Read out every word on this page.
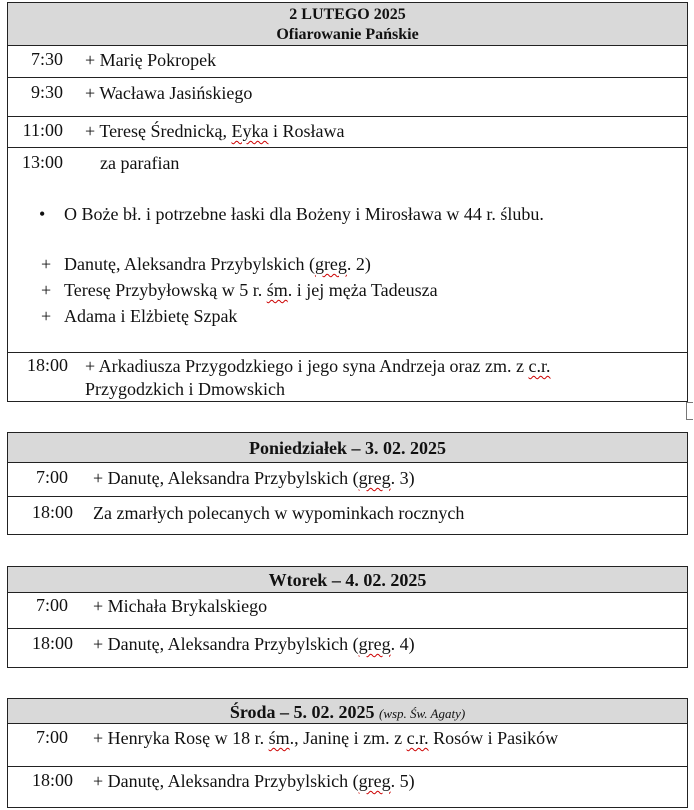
2 LUTEGO 2025
Ofiarowanie Pańskie
7:30 + Marię Pokropek
9:30 + Wacława Jasińskiego
11:00 + Teresę Średnicką, Eyka i Rosława
13:00 za parafian
• O Boże bł. i potrzebne łaski dla Bożeny i Mirosława w 44 r. ślubu.
+ Danutę, Aleksandra Przybylskich (greg. 2)
+ Teresę Przybyłowską w 5 r. śm. i jej męża Tadeusza
+ Adama i Elżbietę Szpak
18:00 + Arkadiusza Przygodzkiego i jego syna Andrzeja oraz zm. z c.r.
Przygodzkich i Dmowskich
Poniedziałek – 3. 02. 2025
7:00 + Danutę, Aleksandra Przybylskich (greg. 3)
18:00 Za zmarłych polecanych w wypominkach rocznych
Wtorek – 4. 02. 2025
7:00 + Michała Brykalskiego
18:00 + Danutę, Aleksandra Przybylskich (greg. 4)
Środa – 5. 02. 2025 (wsp. Św. Agaty)
7:00 + Henryka Rosę w 18 r. śm., Janinę i zm. z c.r. Rosów i Pasików
18:00 + Danutę, Aleksandra Przybylskich (greg. 5)
